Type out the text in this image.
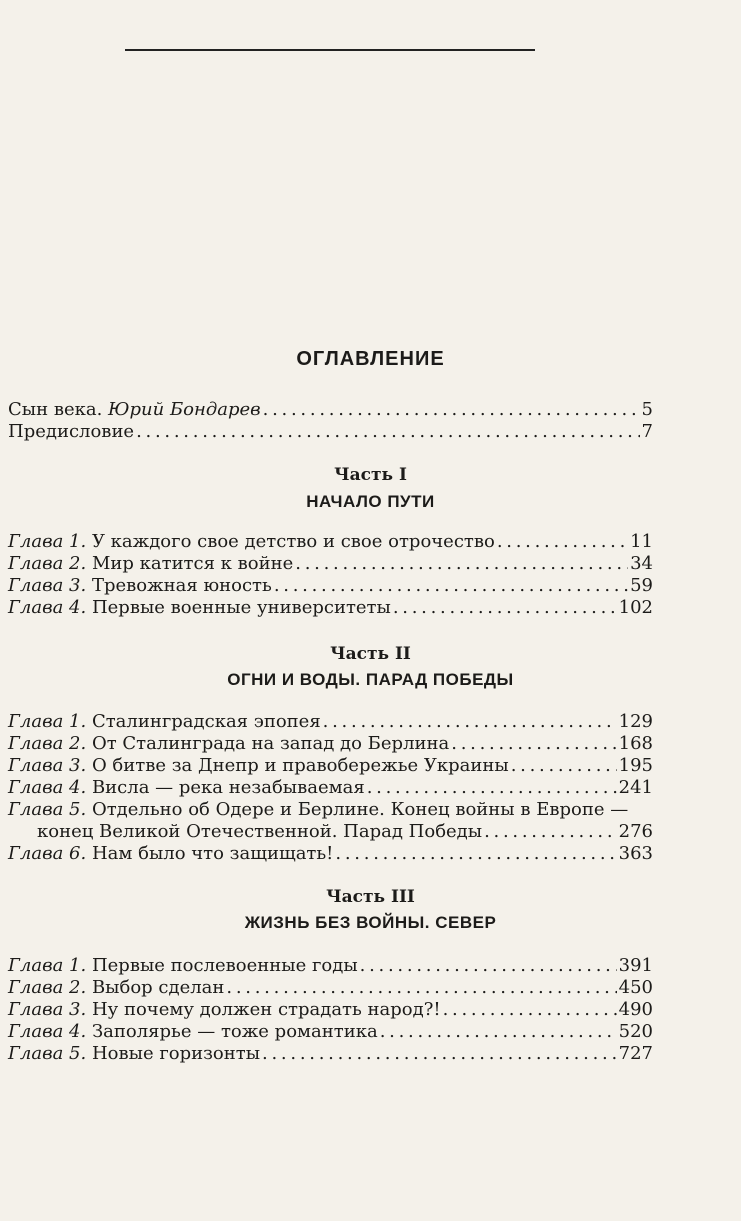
ОГЛАВЛЕНИЕ
Сын века. Юрий Бондарев . . .	5
Предисловие . . .	7
Часть I
НАЧАЛО ПУТИ
Глава 1. У каждого свое детство и свое отрочество . . .	11
Глава 2. Мир катится к войне . . .	34
Глава 3. Тревожная юность . . .	59
Глава 4. Первые военные университеты . . .	102
Часть II
ОГНИ И ВОДЫ. ПАРАД ПОБЕДЫ
Глава 1. Сталинградская эпопея . . .	129
Глава 2. От Сталинграда на запад до Берлина . . .	168
Глава 3. О битве за Днепр и правобережье Украины . . .	195
Глава 4. Висла — река незабываемая . . .	241
Глава 5. Отдельно об Одере и Берлине. Конец войны в Европе —
конец Великой Отечественной. Парад Победы . . .	276
Глава 6. Нам было что защищать! . . .	363
Часть III
ЖИЗНЬ БЕЗ ВОЙНЫ. СЕВЕР
Глава 1. Первые послевоенные годы . . .	391
Глава 2. Выбор сделан . . .	450
Глава 3. Ну почему должен страдать народ?! . . .	490
Глава 4. Заполярье — тоже романтика . . .	520
Глава 5. Новые горизонты . . .	727
